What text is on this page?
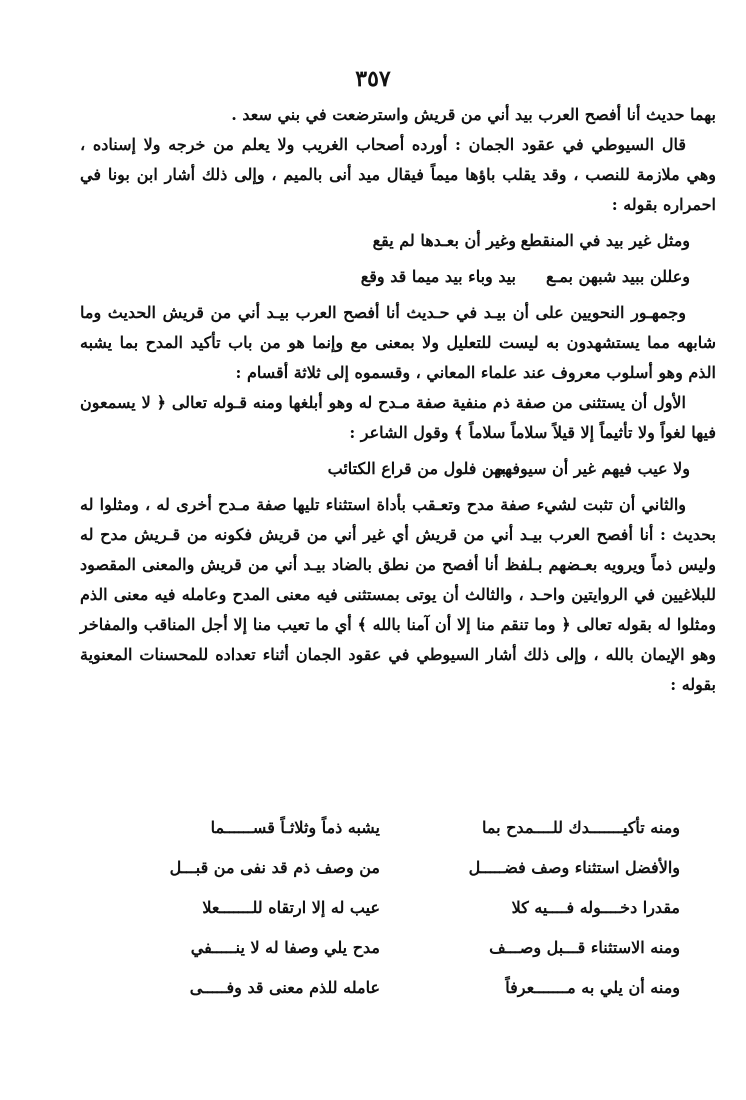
٣٥٧

بهما حديث أنا أفصح العرب بيد أني من قريش واسترضعت في بني سعد .

قال السيوطي في عقود الجمان : أورده أصحاب الغريب ولا يعلم من خرجه ولا إسناده ، وهي ملازمة للنصب ، وقد يقلب باؤها ميماً فيقال ميد أنى بالميم ، وإلى ذلك أشار ابن بونا في احمراره بقوله :

ومثل غير بيد في المنقطع
وغير أن بعـدها لم يقع
وعللن ببيد شبهن بمـع
بيد وباء بيد ميما قد وقع

وجمهـور النحويين على أن بيـد في حـديث أنا أفصح العرب بيـد أني من قريش الحديث وما شابهه مما يستشهدون به ليست للتعليل ولا بمعنى مع وإنما هو من باب تأكيد المدح بما يشبه الذم وهو أسلوب معروف عند علماء المعاني ، وقسموه إلى ثلاثة أقسام :

الأول أن يستثنى من صفة ذم منفية صفة مـدح له وهو أبلغها ومنه قـوله تعالى ﴿ لا يسمعون فيها لغواً ولا تأثيماً إلا قيلاً سلاماً سلاماً ﴾ وقول الشاعر :

ولا عيب فيهم غير أن سيوفهم
بهن فلول من قراع الكتائب

والثاني أن تثبت لشيء صفة مدح وتعـقب بأداة استثناء تليها صفة مـدح أخرى له ، ومثلوا له بحديث : أنا أفصح العرب بيـد أني من قريش أي غير أني من قريش فكونه من قـريش مدح له وليس ذماً ويرويه بعـضهم بـلفظ أنا أفصح من نطق بالضاد بيـد أني من قريش والمعنى المقصود للبلاغيين في الروايتين واحـد ، والثالث أن يوتى بمستثنى فيه معنى المدح وعامله فيه معنى الذم ومثلوا له بقوله تعالى ﴿ وما تنقم منا إلا أن آمنا بالله ﴾ أي ما تعيب منا إلا أجل المناقب والمفاخر وهو الإيمان بالله ، وإلى ذلك أشار السيوطي في عقود الجمان أثناء تعداده للمحسنات المعنوية بقوله :

ومنه تأكيـــــــدك للــــمدح بما
يشبه ذماً وثلاثـاً قســــــما
والأفضل استثناء وصف فضـــــل
من وصف ذم قد نفى من قبـــل
مقدرا دخــــوله فــــيه كلا
عيب له إلا ارتقاه للـــــــعلا
ومنه الاستثناء قـــبل وصـــف
مدح يلي وصفا له لا ينـــــفي
ومنه أن يلي به مـــــــعرفاً
عامله للذم معنى قد وفـــــى
